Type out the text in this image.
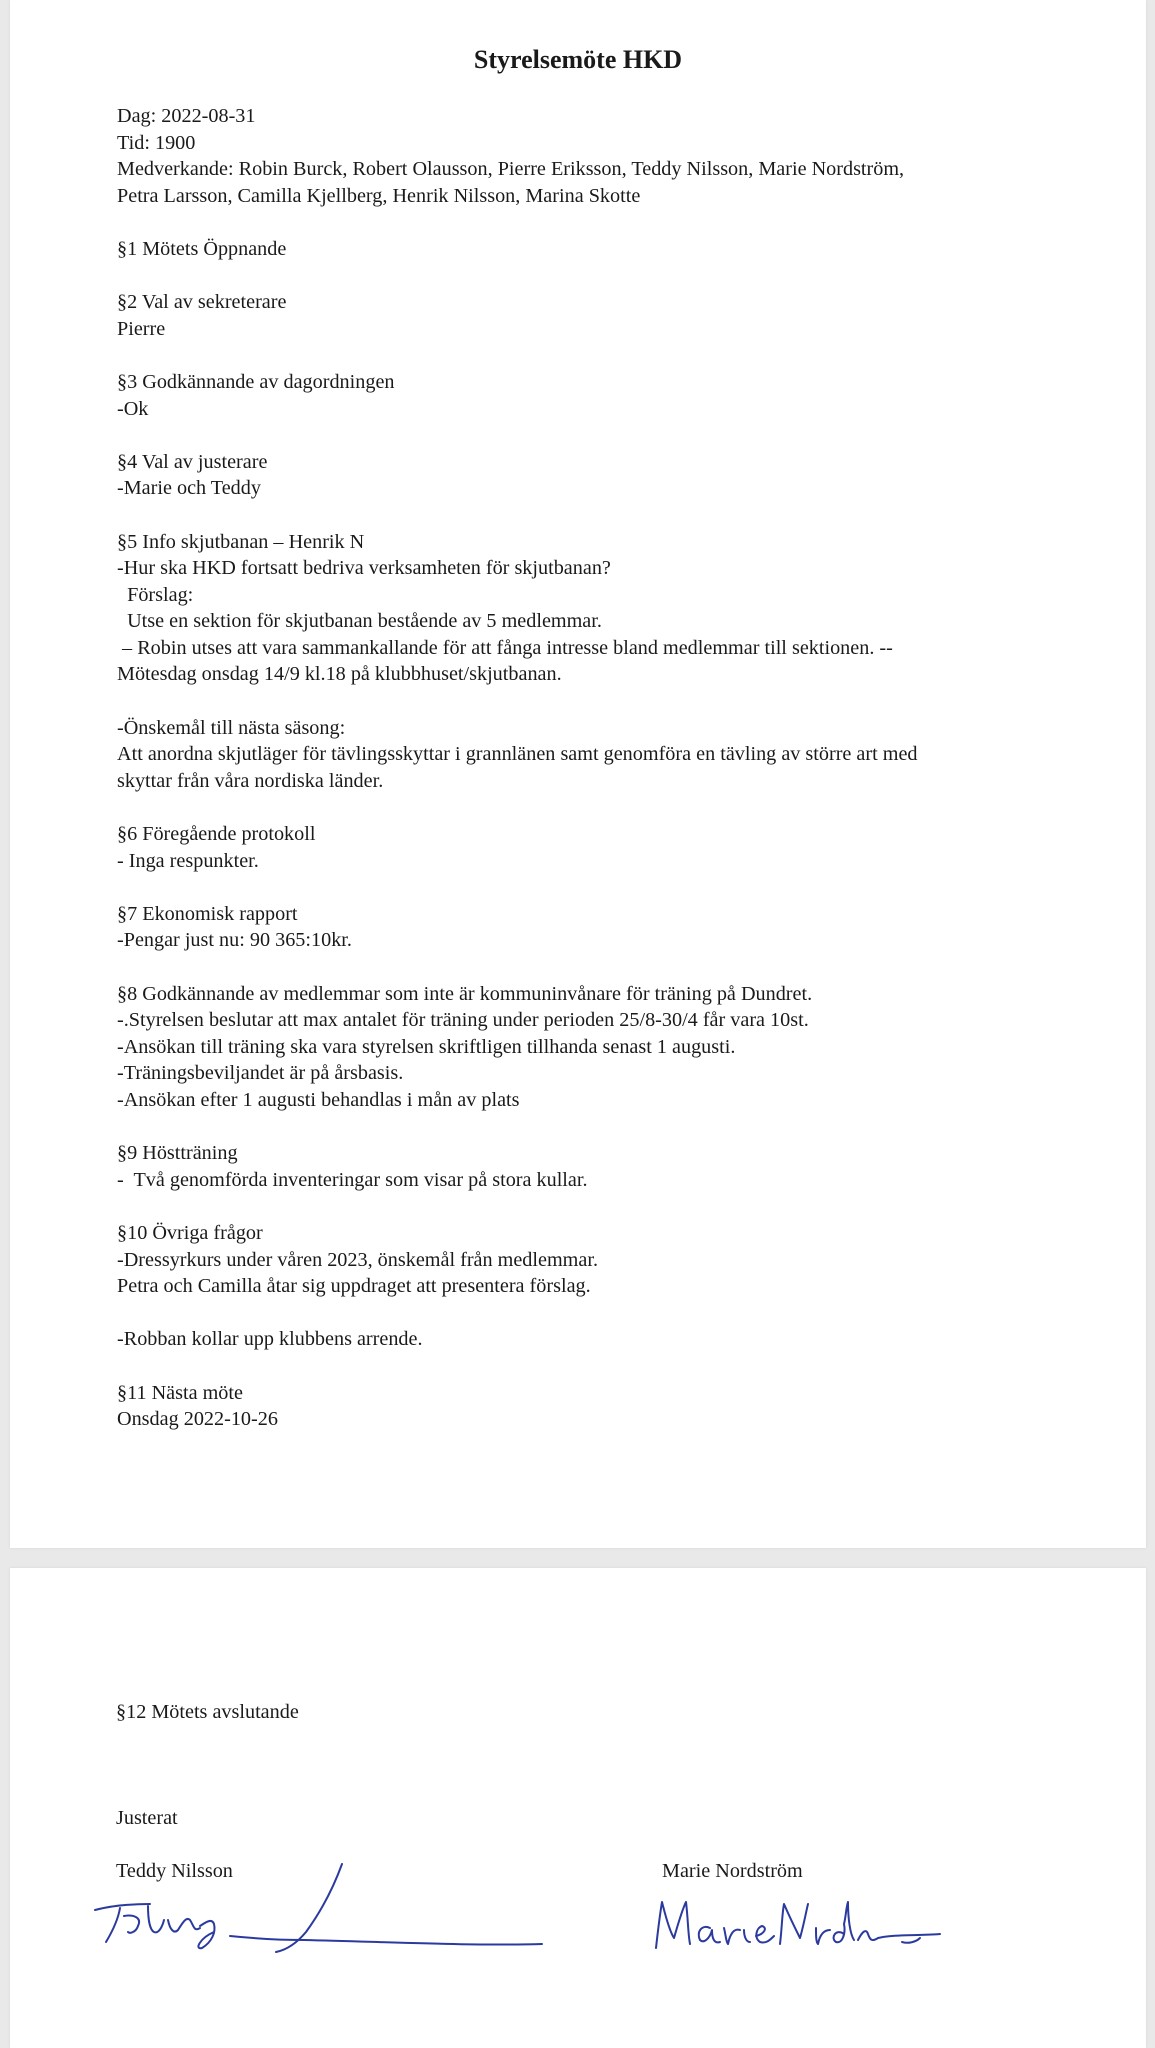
Styrelsemöte HKD
Dag: 2022-08-31
Tid: 1900
Medverkande: Robin Burck, Robert Olausson, Pierre Eriksson, Teddy Nilsson, Marie Nordström,
Petra Larsson, Camilla Kjellberg, Henrik Nilsson, Marina Skotte
§1 Mötets Öppnande
§2 Val av sekreterare
Pierre
§3 Godkännande av dagordningen
-Ok
§4 Val av justerare
-Marie och Teddy
§5 Info skjutbanan – Henrik N
-Hur ska HKD fortsatt bedriva verksamheten för skjutbanan?
Förslag:
Utse en sektion för skjutbanan bestående av 5 medlemmar.
– Robin utses att vara sammankallande för att fånga intresse bland medlemmar till sektionen. --
Mötesdag onsdag 14/9 kl.18 på klubbhuset/skjutbanan.
-Önskemål till nästa säsong:
Att anordna skjutläger för tävlingsskyttar i grannlänen samt genomföra en tävling av större art med
skyttar från våra nordiska länder.
§6 Föregående protokoll
- Inga respunkter.
§7 Ekonomisk rapport
-Pengar just nu: 90 365:10kr.
§8 Godkännande av medlemmar som inte är kommuninvånare för träning på Dundret.
-.Styrelsen beslutar att max antalet för träning under perioden 25/8-30/4 får vara 10st.
-Ansökan till träning ska vara styrelsen skriftligen tillhanda senast 1 augusti.
-Träningsbeviljandet är på årsbasis.
-Ansökan efter 1 augusti behandlas i mån av plats
§9 Höstträning
-  Två genomförda inventeringar som visar på stora kullar.
§10 Övriga frågor
-Dressyrkurs under våren 2023, önskemål från medlemmar.
Petra och Camilla åtar sig uppdraget att presentera förslag.
-Robban kollar upp klubbens arrende.
§11 Nästa möte
Onsdag 2022-10-26

§12 Mötets avslutande

Justerat

Teddy Nilsson	Marie Nordström
